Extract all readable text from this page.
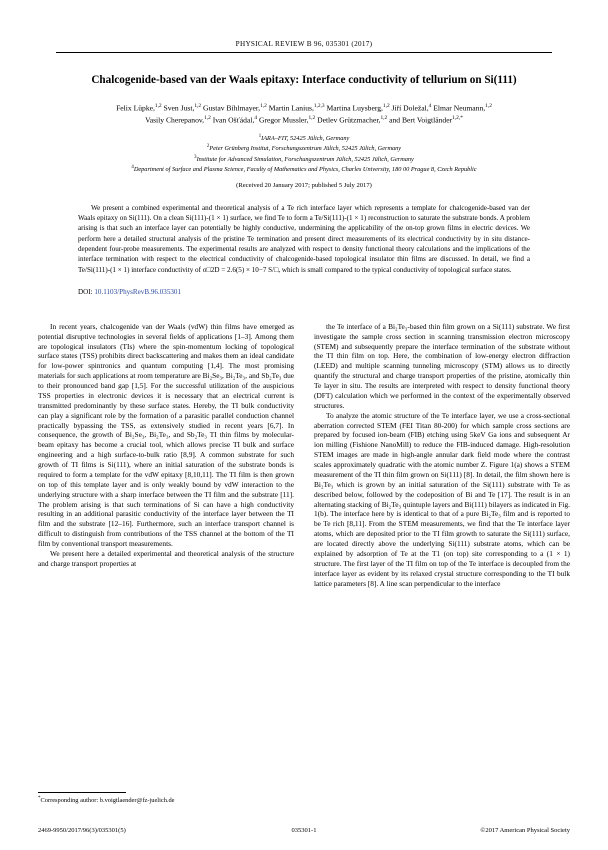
PHYSICAL REVIEW B 96, 035301 (2017)
Chalcogenide-based van der Waals epitaxy: Interface conductivity of tellurium on Si(111)
Felix Lüpke,$^{1,2}$ Sven Just,$^{1,2}$ Gustav Bíhlmayer,$^{1,2}$ Martin Lanius,$^{1,2,3}$ Martina Luysberg,$^{1,2}$ Jiří Doležal,$^4$ Elmar Neumann,$^{1,2}$
Vasily Cherepanov,$^{1,2}$ Ivan Ošťádal,$^4$ Gregor Mussler,$^{1,2}$ Detlev Grützmacher,$^{1,2}$ and Bert Voigtländer$^{1,2,*}$
$^1$IARA–FIT, 52425 Jülich, Germany
$^2$Peter Grünberg Institut, Forschungszentrum Jülich, 52425 Jülich, Germany
$^3$Institute for Advanced Simulation, Forschungszentrum Jülich, 52425 Jülich, Germany
$^4$Department of Surface and Plasma Science, Faculty of Mathematics and Physics, Charles University, 180 00 Prague 8, Czech Republic
(Received 20 January 2017; published 5 July 2017)
We present a combined experimental and theoretical analysis of a Te rich interface layer which represents a template for chalcogenide-based van der Waals epitaxy on Si(111). On a clean Si(111)-(1 × 1) surface, we find Te to form a Te/Si(111)-(1 × 1) reconstruction to saturate the substrate bonds. A problem arising is that such an interface layer can potentially be highly conductive, undermining the applicability of the on-top grown films in electric devices. We perform here a detailed structural analysis of the pristine Te termination and present direct measurements of its electrical conductivity by in situ distance-dependent four-probe measurements. The experimental results are analyzed with respect to density functional theory calculations and the implications of the interface termination with respect to the electrical conductivity of chalcogenide-based topological insulator thin films are discussed. In detail, we find a Te/Si(111)-(1 × 1) interface conductivity of σ□2D = 2.6(5) × 10−7 S/□, which is small compared to the typical conductivity of topological surface states.
DOI: 10.1103/PhysRevB.96.035301

In recent years, chalcogenide van der Waals (vdW) thin films have emerged as potential disruptive technologies in several fields of applications [1–3]. Among them are topological insulators (TIs) where the spin-momentum locking of topological surface states (TSS) prohibits direct backscattering and makes them an ideal candidate for low-power spintronics and quantum computing [1,4]. The most promising materials for such applications at room temperature are Bi₂Se₃, Bi₂Te₃, and Sb₂Te₃ due to their pronounced band gap [1,5]. For the successful utilization of the auspicious TSS properties in electronic devices it is necessary that an electrical current is transmitted predominantly by these surface states. Hereby, the TI bulk conductivity can play a significant role by the formation of a parasitic parallel conduction channel practically bypassing the TSS, as extensively studied in recent years [6,7]. In consequence, the growth of Bi₂Se₃, Bi₂Te₃, and Sb₂Te₃ TI thin films by molecular-beam epitaxy has become a crucial tool, which allows precise TI bulk and surface engineering and a high surface-to-bulk ratio [8,9]. A common substrate for such growth of TI films is Si(111), where an initial saturation of the substrate bonds is required to form a template for the vdW epitaxy [8,10,11]. The TI film is then grown on top of this template layer and is only weakly bound by vdW interaction to the underlying structure with a sharp interface between the TI film and the substrate [11]. The problem arising is that such terminations of Si can have a high conductivity resulting in an additional parasitic conductivity of the interface layer between the TI film and the substrate [12–16]. Furthermore, such an interface transport channel is difficult to distinguish from contributions of the TSS channel at the bottom of the TI film by conventional transport measurements.

We present here a detailed experimental and theoretical analysis of the structure and charge transport properties at

the Te interface of a Bi₂Te₃-based thin film grown on a Si(111) substrate. We first investigate the sample cross section in scanning transmission electron microscopy (STEM) and subsequently prepare the interface termination of the substrate without the TI thin film on top. Here, the combination of low-energy electron diffraction (LEED) and multiple scanning tunneling microscopy (STM) allows us to directly quantify the structural and charge transport properties of the pristine, atomically thin Te layer in situ. The results are interpreted with respect to density functional theory (DFT) calculation which we performed in the context of the experimentally observed structures.

To analyze the atomic structure of the Te interface layer, we use a cross-sectional aberration corrected STEM (FEI Titan 80-200) for which sample cross sections are prepared by focused ion-beam (FIB) etching using 5keV Ga ions and subsequent Ar ion milling (Fishione NanoMill) to reduce the FIB-induced damage. High-resolution STEM images are made in high-angle annular dark field mode where the contrast scales approximately quadratic with the atomic number Z. Figure 1(a) shows a STEM measurement of the TI thin film grown on Si(111) [8]. In detail, the film shown here is Bi₂Te₃ which is grown by an initial saturation of the Si(111) substrate with Te as described below, followed by the codeposition of Bi and Te [17]. The result is in an alternating stacking of Bi₂Te₃ quintuple layers and Bi(111) bilayers as indicated in Fig. 1(b). The interface here by is identical to that of a pure Bi₂Te₃ film and is reported to be Te rich [8,11]. From the STEM measurements, we find that the Te interface layer atoms, which are deposited prior to the TI film growth to saturate the Si(111) surface, are located directly above the underlying Si(111) substrate atoms, which can be explained by adsorption of Te at the T1 (on top) site corresponding to a (1 × 1) structure. The first layer of the TI film on top of the Te interface is decoupled from the interface layer as evident by its relaxed crystal structure corresponding to the TI bulk lattice parameters [8]. A line scan perpendicular to the interface

*Corresponding author: b.voigtlaender@fz-juelich.de
2469-9950/2017/96(3)/035301(5)	035301-1	©2017 American Physical Society
